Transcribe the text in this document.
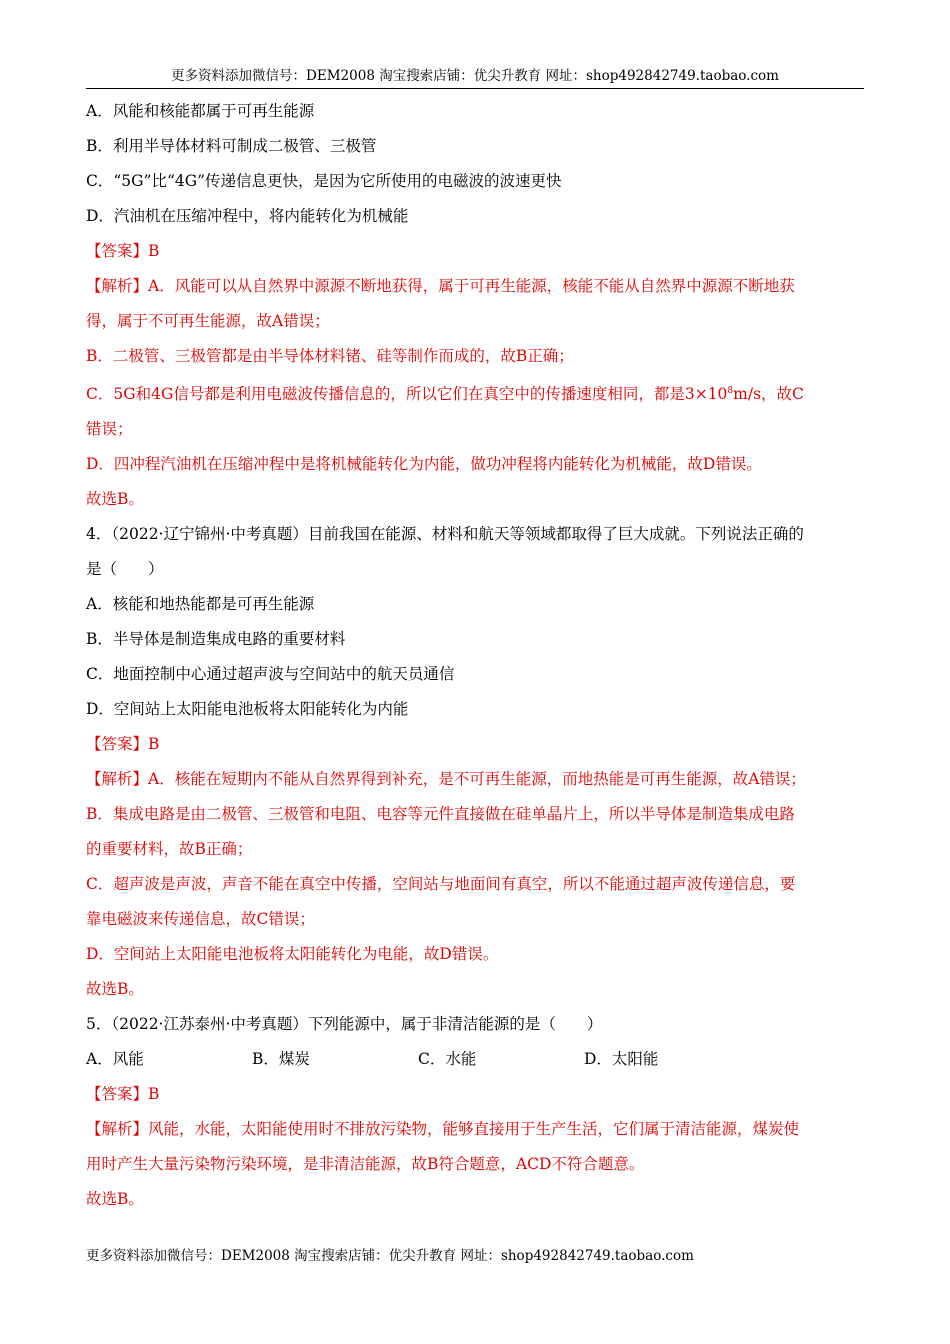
更多资料添加微信号：DEM2008 淘宝搜索店铺：优尖升教育 网址：shop492842749.taobao.com
A．风能和核能都属于可再生能源
B．利用半导体材料可制成二极管、三极管
C．“5G”比“4G”传递信息更快，是因为它所使用的电磁波的波速更快
D．汽油机在压缩冲程中，将内能转化为机械能
【答案】B
【解析】A．风能可以从自然界中源源不断地获得，属于可再生能源，核能不能从自然界中源源不断地获
得，属于不可再生能源，故A错误；
B．二极管、三极管都是由半导体材料锗、硅等制作而成的，故B正确；
C．5G和4G信号都是利用电磁波传播信息的，所以它们在真空中的传播速度相同，都是$3\times 10^8m/s$，故C
错误；
D．四冲程汽油机在压缩冲程中是将机械能转化为内能，做功冲程将内能转化为机械能，故D错误。
故选B。
4．（2022·辽宁锦州·中考真题）目前我国在能源、材料和航天等领域都取得了巨大成就。下列说法正确的
是（　　）
A．核能和地热能都是可再生能源
B．半导体是制造集成电路的重要材料
C．地面控制中心通过超声波与空间站中的航天员通信
D．空间站上太阳能电池板将太阳能转化为内能
【答案】B
【解析】A．核能在短期内不能从自然界得到补充，是不可再生能源，而地热能是可再生能源，故A错误；
B．集成电路是由二极管、三极管和电阻、电容等元件直接做在硅单晶片上，所以半导体是制造集成电路
的重要材料，故B正确；
C．超声波是声波，声音不能在真空中传播，空间站与地面间有真空，所以不能通过超声波传递信息，要
靠电磁波来传递信息，故C错误；
D．空间站上太阳能电池板将太阳能转化为电能，故D错误。
故选B。
5．（2022·江苏泰州·中考真题）下列能源中，属于非清洁能源的是（　　）
A．风能	B．煤炭	C．水能	D．太阳能
【答案】B
【解析】风能，水能，太阳能使用时不排放污染物，能够直接用于生产生活，它们属于清洁能源，煤炭使
用时产生大量污染物污染环境，是非清洁能源，故B符合题意，ACD不符合题意。
故选B。
更多资料添加微信号：DEM2008 淘宝搜索店铺：优尖升教育 网址：shop492842749.taobao.com
